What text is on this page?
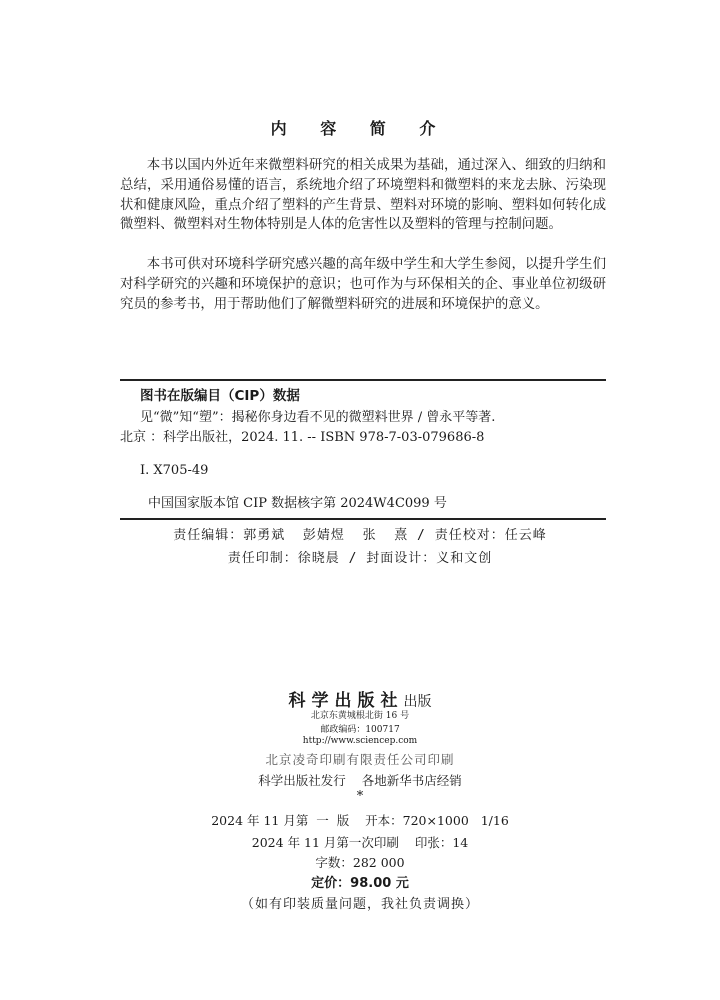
内 容 简 介

本书以国内外近年来微塑料研究的相关成果为基础，通过深入、细致的归纳和总结，采用通俗易懂的语言，系统地介绍了环境塑料和微塑料的来龙去脉、污染现状和健康风险，重点介绍了塑料的产生背景、塑料对环境的影响、塑料如何转化成微塑料、微塑料对生物体特别是人体的危害性以及塑料的管理与控制问题。

本书可供对环境科学研究感兴趣的高年级中学生和大学生参阅，以提升学生们对科学研究的兴趣和环境保护的意识；也可作为与环保相关的企、事业单位初级研究员的参考书，用于帮助他们了解微塑料研究的进展和环境保护的意义。

图书在版编目（CIP）数据
见“微”知“塑”：揭秘你身边看不见的微塑料世界 / 曾永平等著.
北京 ：科学出版社，2024. 11. -- ISBN 978-7-03-079686-8
Ⅰ. X705-49
中国国家版本馆 CIP 数据核字第 2024W4C099 号
责任编辑：郭勇斌  彭婧煜  张  熹 / 责任校对：任云峰
责任印制：徐晓晨 / 封面设计：义和文创
科学出版社出版
北京东黄城根北街 16 号
邮政编码：100717
http://www.sciencep.com
北京凌奇印刷有限责任公司印刷
科学出版社发行    各地新华书店经销
*
2024 年 11 月第  一  版    开本：720×1000   1/16
2024 年 11 月第一次印刷    印张：14
字数：282 000
定价：98.00 元
（如有印装质量问题，我社负责调换）
